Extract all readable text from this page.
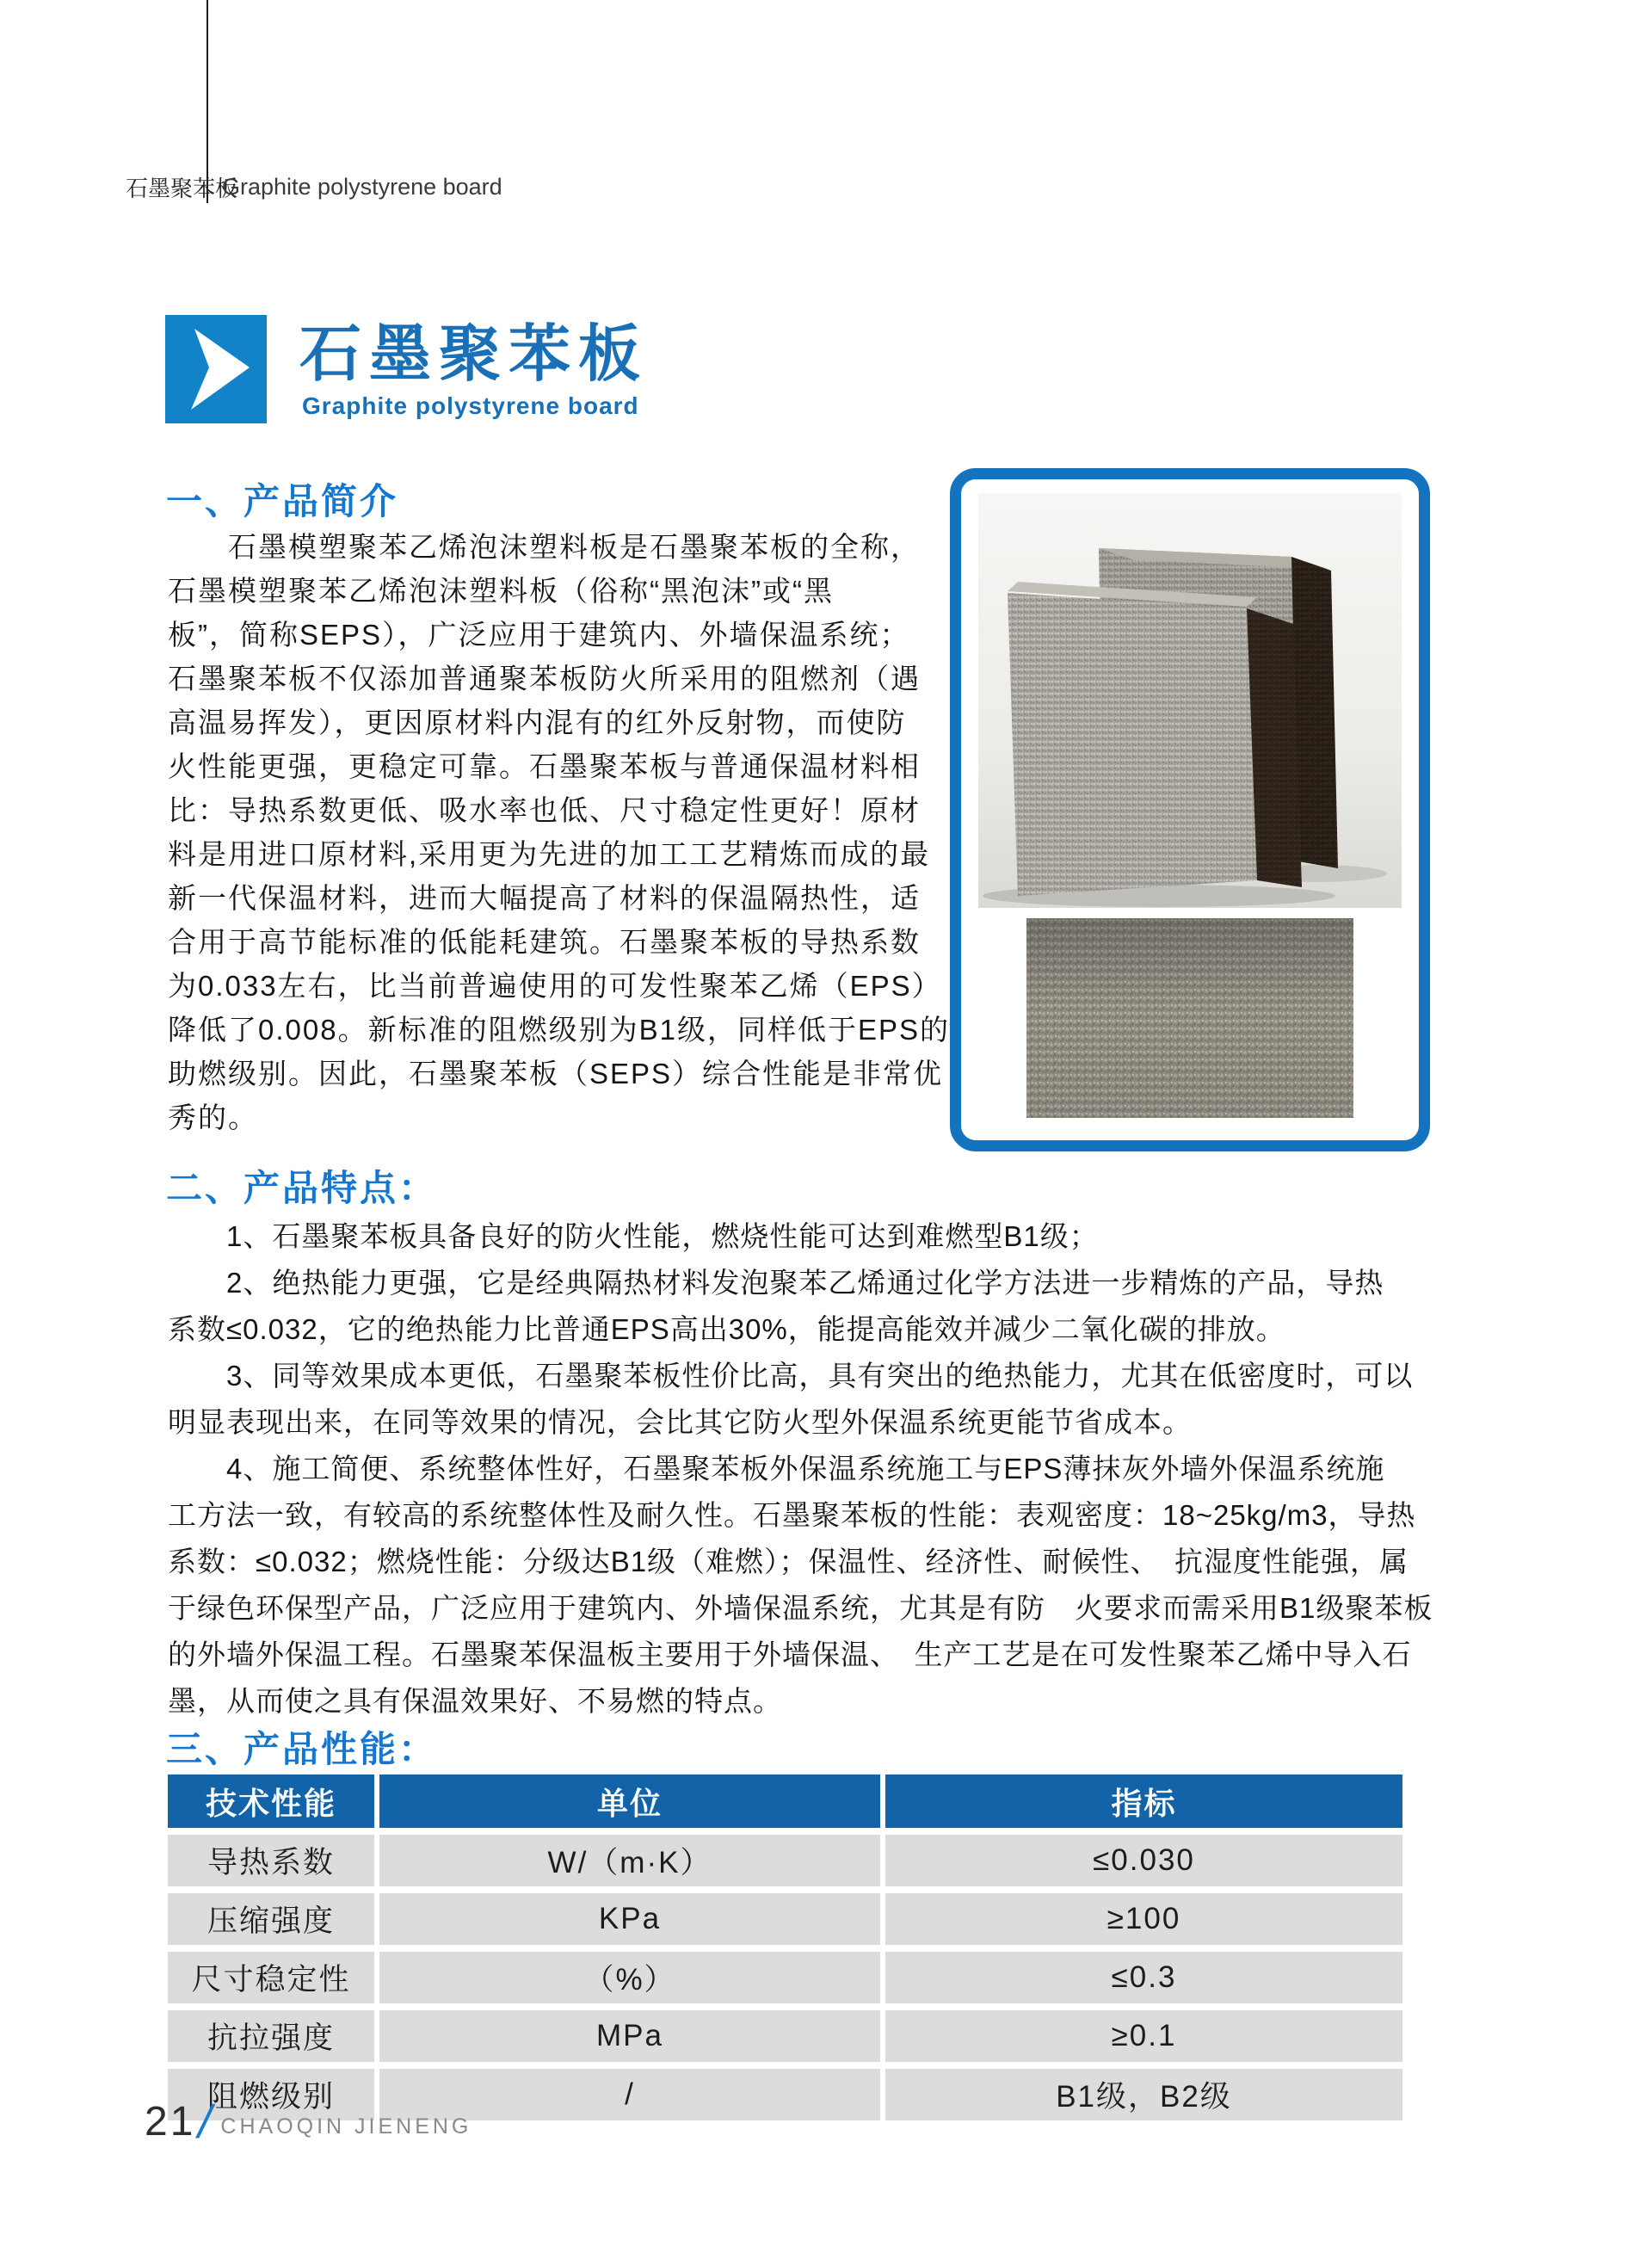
石墨聚苯板
Graphite polystyrene board
石墨聚苯板
Graphite polystyrene board
一、产品简介
　　石墨模塑聚苯乙烯泡沫塑料板是石墨聚苯板的全称，
石墨模塑聚苯乙烯泡沫塑料板（俗称“黑泡沫”或“黑
板”，简称SEPS），广泛应用于建筑内、外墙保温系统；
石墨聚苯板不仅添加普通聚苯板防火所采用的阻燃剂（遇
高温易挥发），更因原材料内混有的红外反射物，而使防
火性能更强，更稳定可靠。石墨聚苯板与普通保温材料相
比：导热系数更低、吸水率也低、尺寸稳定性更好！原材
料是用进口原材料,采用更为先进的加工工艺精炼而成的最
新一代保温材料，进而大幅提高了材料的保温隔热性，适
合用于高节能标准的低能耗建筑。石墨聚苯板的导热系数
为0.033左右，比当前普遍使用的可发性聚苯乙烯（EPS）
降低了0.008。新标准的阻燃级别为B1级，同样低于EPS的
助燃级别。因此，石墨聚苯板（SEPS）综合性能是非常优
秀的。
二、产品特点：
　　1、石墨聚苯板具备良好的防火性能，燃烧性能可达到难燃型B1级；
　　2、绝热能力更强，它是经典隔热材料发泡聚苯乙烯通过化学方法进一步精炼的产品，导热
系数≤0.032，它的绝热能力比普通EPS高出30%，能提高能效并减少二氧化碳的排放。
　　3、同等效果成本更低，石墨聚苯板性价比高，具有突出的绝热能力，尤其在低密度时，可以
明显表现出来，在同等效果的情况，会比其它防火型外保温系统更能节省成本。
　　4、施工简便、系统整体性好，石墨聚苯板外保温系统施工与EPS薄抹灰外墙外保温系统施
工方法一致，有较高的系统整体性及耐久性。石墨聚苯板的性能：表观密度：18~25kg/m3，导热
系数：≤0.032；燃烧性能：分级达B1级（难燃）；保温性、经济性、耐候性、　抗湿度性能强，属
于绿色环保型产品，广泛应用于建筑内、外墙保温系统，尤其是有防　火要求而需采用B1级聚苯板
的外墙外保温工程。石墨聚苯保温板主要用于外墙保温、　生产工艺是在可发性聚苯乙烯中导入石
墨，从而使之具有保温效果好、不易燃的特点。
三、产品性能：
技术性能	单位	指标
导热系数	W/（m·K）	≤0.030
压缩强度	KPa	≥100
尺寸稳定性	（%）	≤0.3
抗拉强度	MPa	≥0.1
阻燃级别	/	B1级，B2级
21
/ CHAOQIN JIENENG
